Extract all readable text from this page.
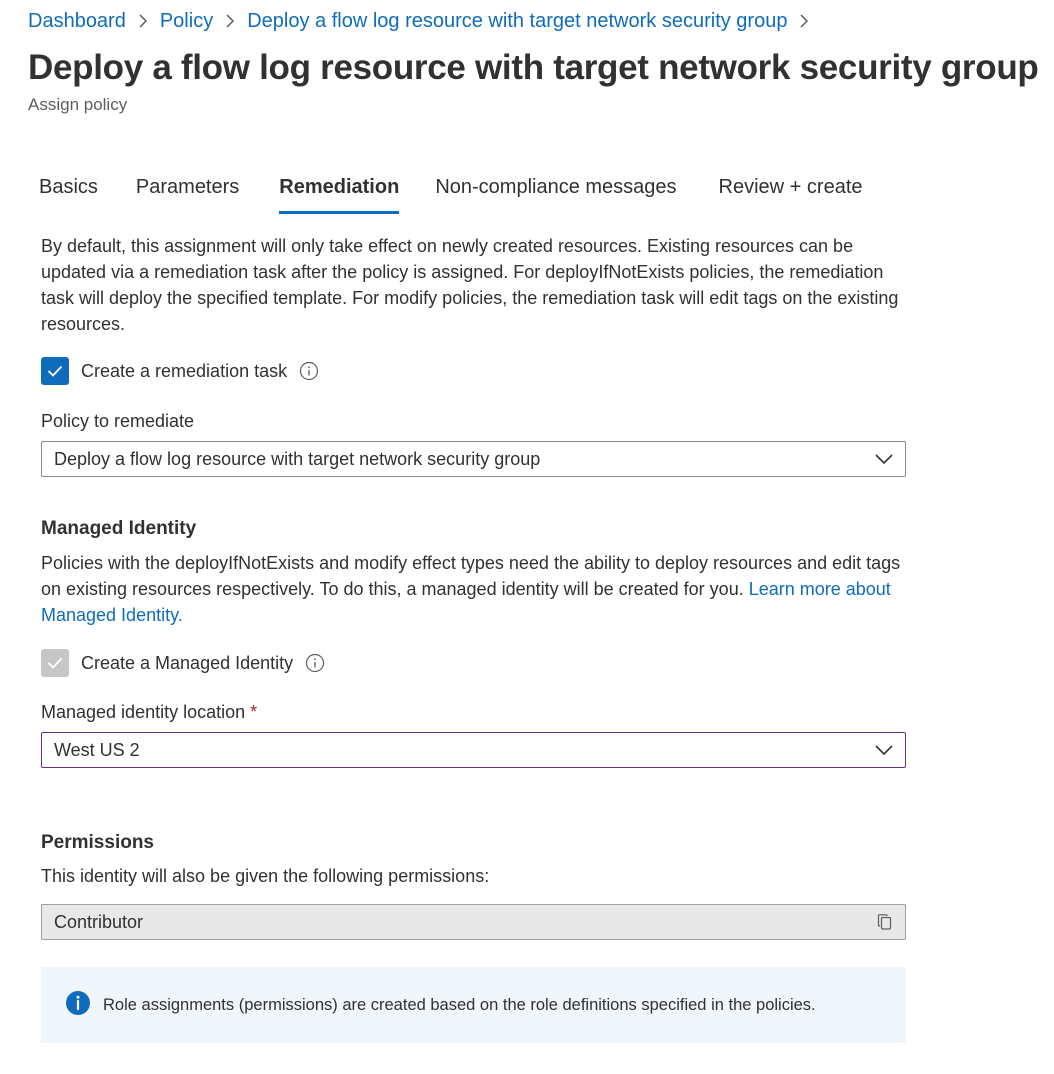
Dashboard Policy Deploy a flow log resource with target network security group
Deploy a flow log resource with target network security group
Assign policy
Basics Parameters Remediation Non-compliance messages Review + create

By default, this assignment will only take effect on newly created resources. Existing resources can be updated via a remediation task after the policy is assigned. For deployIfNotExists policies, the remediation task will deploy the specified template. For modify policies, the remediation task will edit tags on the existing resources.

Create a remediation task
Policy to remediate
Deploy a flow log resource with target network security group
Managed Identity

Policies with the deployIfNotExists and modify effect types need the ability to deploy resources and edit tags on existing resources respectively. To do this, a managed identity will be created for you. Learn more about Managed Identity.

Create a Managed Identity
Managed identity location *
West US 2
Permissions
This identity will also be given the following permissions:
Contributor
Role assignments (permissions) are created based on the role definitions specified in the policies.
